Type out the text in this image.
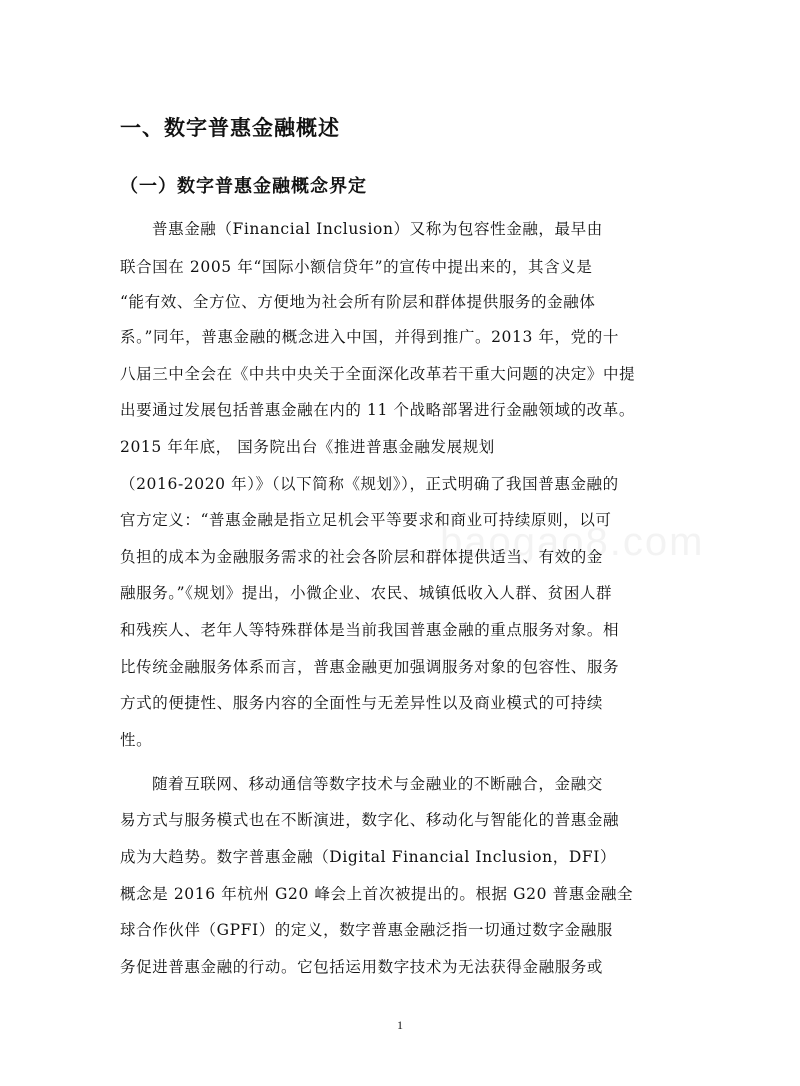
baogao8.com
一、数字普惠金融概述
（一）数字普惠金融概念界定

普惠金融（Financial Inclusion）又称为包容性金融，最早由

联合国在 2005 年“国际小额信贷年”的宣传中提出来的，其含义是

“能有效、全方位、方便地为社会所有阶层和群体提供服务的金融体

系。”同年，普惠金融的概念进入中国，并得到推广。2013 年，党的十

八届三中全会在《中共中央关于全面深化改革若干重大问题的决定》中提

出要通过发展包括普惠金融在内的 11 个战略部署进行金融领域的改革。

2015 年年底， 国务院出台《推进普惠金融发展规划

（2016-2020 年）》（以下简称《规划》），正式明确了我国普惠金融的

官方定义：“普惠金融是指立足机会平等要求和商业可持续原则，以可

负担的成本为金融服务需求的社会各阶层和群体提供适当、有效的金

融服务。”《规划》提出，小微企业、农民、城镇低收入人群、贫困人群

和残疾人、老年人等特殊群体是当前我国普惠金融的重点服务对象。相

比传统金融服务体系而言，普惠金融更加强调服务对象的包容性、服务

方式的便捷性、服务内容的全面性与无差异性以及商业模式的可持续

性。

随着互联网、移动通信等数字技术与金融业的不断融合，金融交

易方式与服务模式也在不断演进，数字化、移动化与智能化的普惠金融

成为大趋势。数字普惠金融（Digital Financial Inclusion，DFI）

概念是 2016 年杭州 G20 峰会上首次被提出的。根据 G20 普惠金融全

球合作伙伴（GPFI）的定义，数字普惠金融泛指一切通过数字金融服

务促进普惠金融的行动。它包括运用数字技术为无法获得金融服务或

1
